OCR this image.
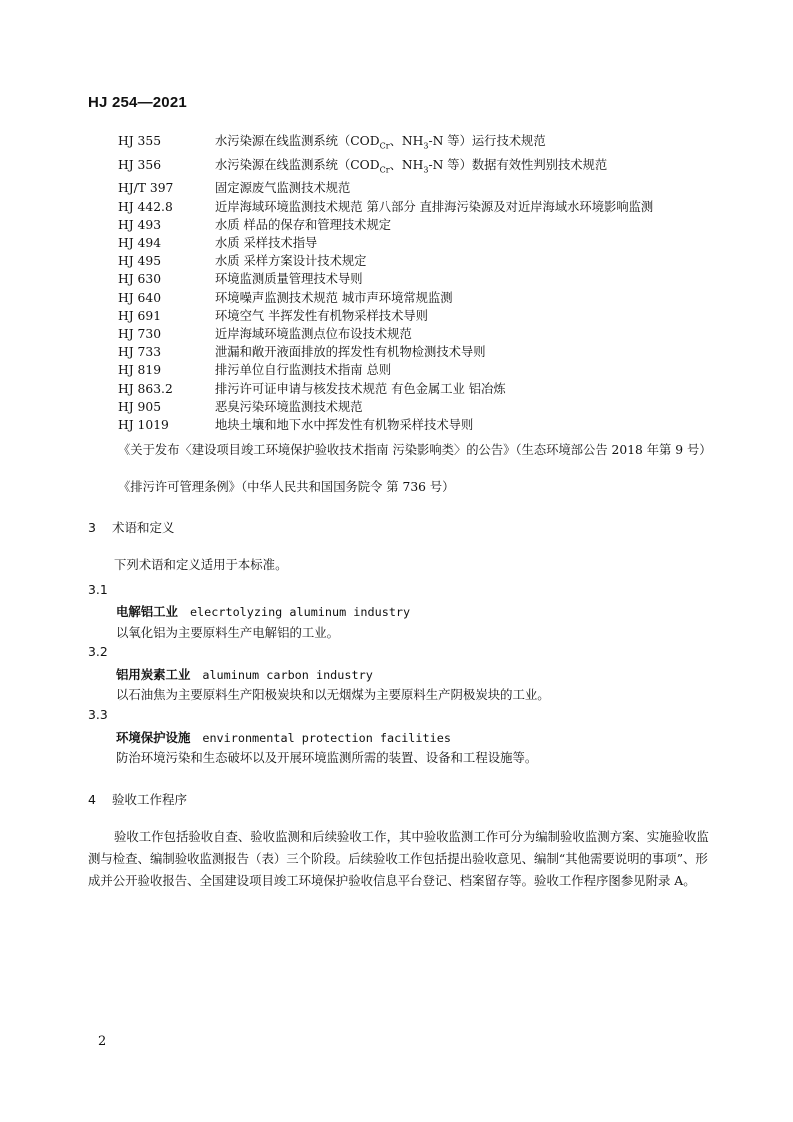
HJ 254—2021
HJ 355	水污染源在线监测系统（$COD_{Cr}$、$NH_3-N$ 等）运行技术规范
HJ 356	水污染源在线监测系统（$COD_{Cr}$、$NH_3-N$ 等）数据有效性判别技术规范
HJ/T 397	固定源废气监测技术规范
HJ 442.8	近岸海域环境监测技术规范 第八部分 直排海污染源及对近岸海域水环境影响监测
HJ 493	水质 样品的保存和管理技术规定
HJ 494	水质 采样技术指导
HJ 495	水质 采样方案设计技术规定
HJ 630	环境监测质量管理技术导则
HJ 640	环境噪声监测技术规范 城市声环境常规监测
HJ 691	环境空气 半挥发性有机物采样技术导则
HJ 730	近岸海域环境监测点位布设技术规范
HJ 733	泄漏和敞开液面排放的挥发性有机物检测技术导则
HJ 819	排污单位自行监测技术指南 总则
HJ 863.2	排污许可证申请与核发技术规范 有色金属工业 铝冶炼
HJ 905	恶臭污染环境监测技术规范
HJ 1019	地块土壤和地下水中挥发性有机物采样技术导则
《关于发布〈建设项目竣工环境保护验收技术指南 污染影响类〉的公告》（生态环境部公告 2018 年第 9 号）
《排污许可管理条例》（中华人民共和国国务院令 第 736 号）
3 术语和定义
下列术语和定义适用于本标准。
3.1
电解铝工业 elecrtolyzing aluminum industry
以氧化铝为主要原料生产电解铝的工业。
3.2
铝用炭素工业 aluminum carbon industry
以石油焦为主要原料生产阳极炭块和以无烟煤为主要原料生产阴极炭块的工业。
3.3
环境保护设施 environmental protection facilities
防治环境污染和生态破坏以及开展环境监测所需的装置、设备和工程设施等。
4 验收工作程序
验收工作包括验收自查、验收监测和后续验收工作，其中验收监测工作可分为编制验收监测方案、实施验收监测与检查、编制验收监测报告（表）三个阶段。后续验收工作包括提出验收意见、编制“其他需要说明的事项”、形成并公开验收报告、全国建设项目竣工环境保护验收信息平台登记、档案留存等。验收工作程序图参见附录 A。
2
